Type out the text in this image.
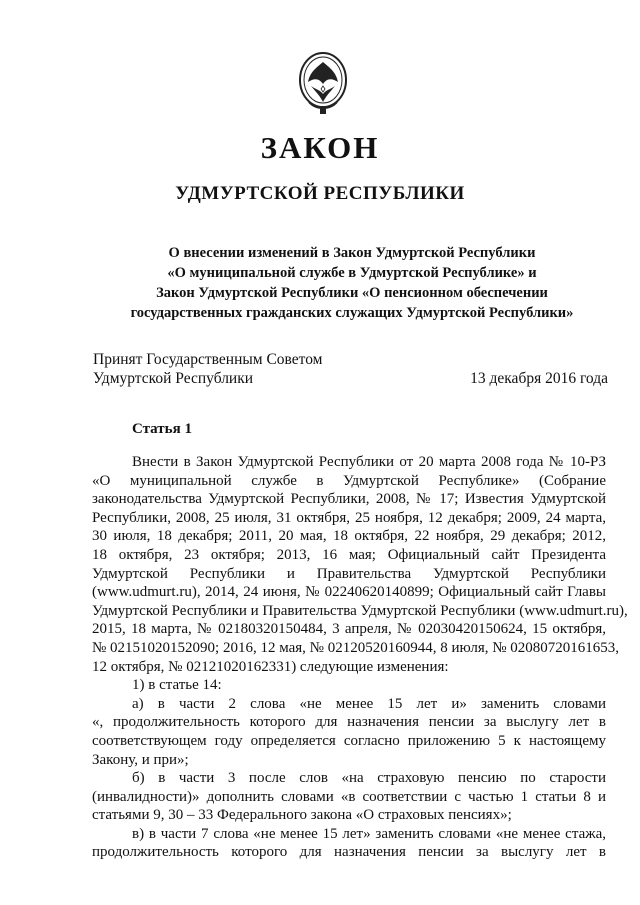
ЗАКОН
УДМУРТСКОЙ РЕСПУБЛИКИ
О внесении изменений в Закон Удмуртской Республики
«О муниципальной службе в Удмуртской Республике» и
Закон Удмуртской Республики «О пенсионном обеспечении
государственных гражданских служащих Удмуртской Республики»
Принят Государственным Советом
Удмуртской Республики	13 декабря 2016 года
Статья 1
Внести в Закон Удмуртской Республики от 20 марта 2008 года № 10-РЗ
«О муниципальной службе в Удмуртской Республике» (Собрание
законодательства Удмуртской Республики, 2008, № 17; Известия Удмуртской
Республики, 2008, 25 июля, 31 октября, 25 ноября, 12 декабря; 2009, 24 марта,
30 июля, 18 декабря; 2011, 20 мая, 18 октября, 22 ноября, 29 декабря; 2012,
18 октября, 23 октября; 2013, 16 мая; Официальный сайт Президента
Удмуртской Республики и Правительства Удмуртской Республики
(www.udmurt.ru), 2014, 24 июня, № 02240620140899; Официальный сайт Главы
Удмуртской Республики и Правительства Удмуртской Республики (www.udmurt.ru),
2015, 18 марта, № 02180320150484, 3 апреля, № 02030420150624, 15 октября,
№ 02151020152090; 2016, 12 мая, № 02120520160944, 8 июля, № 02080720161653,
12 октября, № 02121020162331) следующие изменения:
1) в статье 14:
а) в части 2 слова «не менее 15 лет и» заменить словами
«, продолжительность которого для назначения пенсии за выслугу лет в
соответствующем году определяется согласно приложению 5 к настоящему
Закону, и при»;
б) в части 3 после слов «на страховую пенсию по старости
(инвалидности)» дополнить словами «в соответствии с частью 1 статьи 8 и
статьями 9, 30 – 33 Федерального закона «О страховых пенсиях»;
в) в части 7 слова «не менее 15 лет» заменить словами «не менее стажа,
продолжительность которого для назначения пенсии за выслугу лет в
